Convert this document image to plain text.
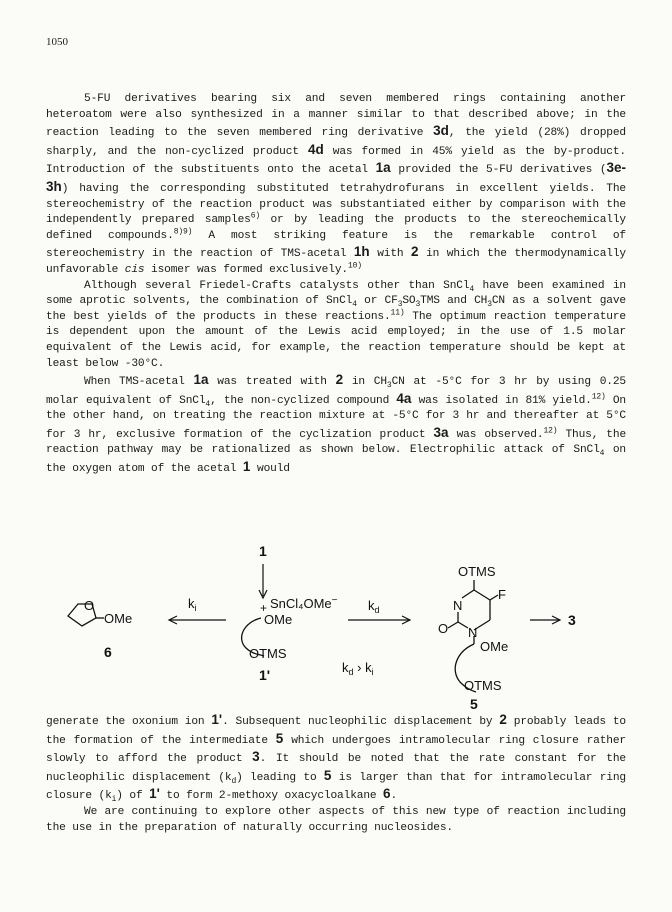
1050

5-FU derivatives bearing six and seven membered rings containing another heteroatom were also synthesized in a manner similar to that described above; in the reaction leading to the seven membered ring derivative 3d, the yield (28%) dropped sharply, and the non-cyclized product 4d was formed in 45% yield as the by-product. Introduction of the substituents onto the acetal 1a provided the 5-FU derivatives (3e-3h) having the corresponding substituted tetrahydrofurans in excellent yields. The stereochemistry of the reaction product was substantiated either by comparison with the independently prepared samples$^{6)}$ or by leading the products to the stereochemically defined compounds.$^{8)9)}$ A most striking feature is the remarkable control of stereochemistry in the reaction of TMS-acetal 1h with 2 in which the thermodynamically unfavorable cis isomer was formed exclusively.$^{10)}$

Although several Friedel-Crafts catalysts other than SnCl$_4$ have been examined in some aprotic solvents, the combination of SnCl$_4$ or $CF_3SO_3TMS$ and $CH_3CN$ as a solvent gave the best yields of the products in these reactions.$^{11)}$ The optimum reaction temperature is dependent upon the amount of the Lewis acid employed; in the use of 1.5 molar equivalent of the Lewis acid, for example, the reaction temperature should be kept at least below -30°C.

When TMS-acetal 1a was treated with 2 in $CH_3CN$ at -5°C for 3 hr by using 0.25 molar equivalent of SnCl$_4$, the non-cyclized compound 4a was isolated in 81% yield.$^{12)}$ On the other hand, on treating the reaction mixture at -5°C for 3 hr and thereafter at 5°C for 3 hr, exclusive formation of the cyclization product 3a was observed.$^{12)}$ Thus, the reaction pathway may be rationalized as shown below. Electrophilic attack of SnCl$_4$ on the oxygen atom of the acetal 1 would

1
O
OMe
6
$k_i$	SnCl₄OMe−
+
OMe
OTMS
1'
$k_d$
$k_d$ › $k_i$
OTMS
N
F
O N
OMe
OTMS
5
3

generate the oxonium ion 1'. Subsequent nucleophilic displacement by 2 probably leads to the formation of the intermediate 5 which undergoes intramolecular ring closure rather slowly to afford the product 3. It should be noted that the rate constant for the nucleophilic displacement $(k_d)$ leading to 5 is larger than that for intramolecular ring closure $(k_i)$ of 1' to form 2-methoxy oxacycloalkane 6.

We are continuing to explore other aspects of this new type of reaction including the use in the preparation of naturally occurring nucleosides.
